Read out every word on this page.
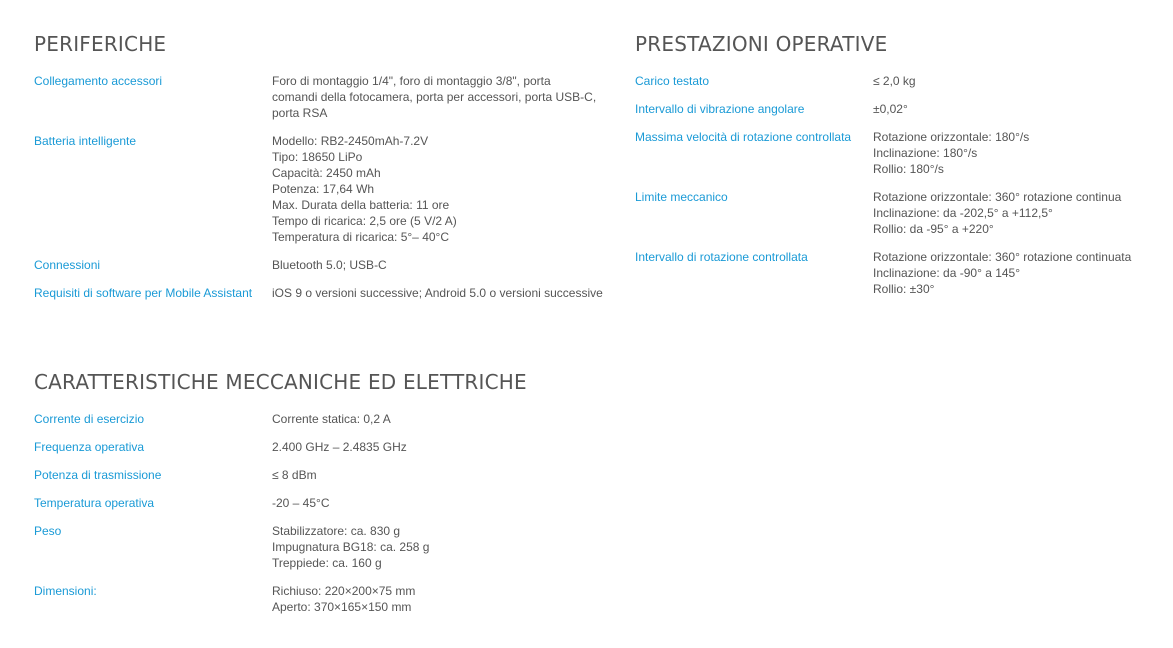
PERIFERICHE
Collegamento accessori	Foro di montaggio 1/4", foro di montaggio 3/8", porta
comandi della fotocamera, porta per accessori, porta USB-C,
porta RSA
Batteria intelligente	Modello: RB2-2450mAh-7.2V
Tipo: 18650 LiPo
Capacità: 2450 mAh
Potenza: 17,64 Wh
Max. Durata della batteria: 11 ore
Tempo di ricarica: 2,5 ore (5 V/2 A)
Temperatura di ricarica: 5°– 40°C
Connessioni	Bluetooth 5.0; USB-C
Requisiti di software per Mobile Assistant	iOS 9 o versioni successive; Android 5.0 o versioni successive
PRESTAZIONI OPERATIVE
Carico testato	≤ 2,0 kg
Intervallo di vibrazione angolare	±0,02°
Massima velocità di rotazione controllata	Rotazione orizzontale: 180°/s
Inclinazione: 180°/s
Rollio: 180°/s
Limite meccanico	Rotazione orizzontale: 360° rotazione continua
Inclinazione: da -202,5° a +112,5°
Rollio: da -95° a +220°
Intervallo di rotazione controllata	Rotazione orizzontale: 360° rotazione continuata
Inclinazione: da -90° a 145°
Rollio: ±30°
CARATTERISTICHE MECCANICHE ED ELETTRICHE
Corrente di esercizio	Corrente statica: 0,2 A
Frequenza operativa	2.400 GHz – 2.4835 GHz
Potenza di trasmissione	≤ 8 dBm
Temperatura operativa	-20 – 45°C
Peso	Stabilizzatore: ca. 830 g
Impugnatura BG18: ca. 258 g
Treppiede: ca. 160 g
Dimensioni:	Richiuso: 220×200×75 mm
Aperto: 370×165×150 mm
